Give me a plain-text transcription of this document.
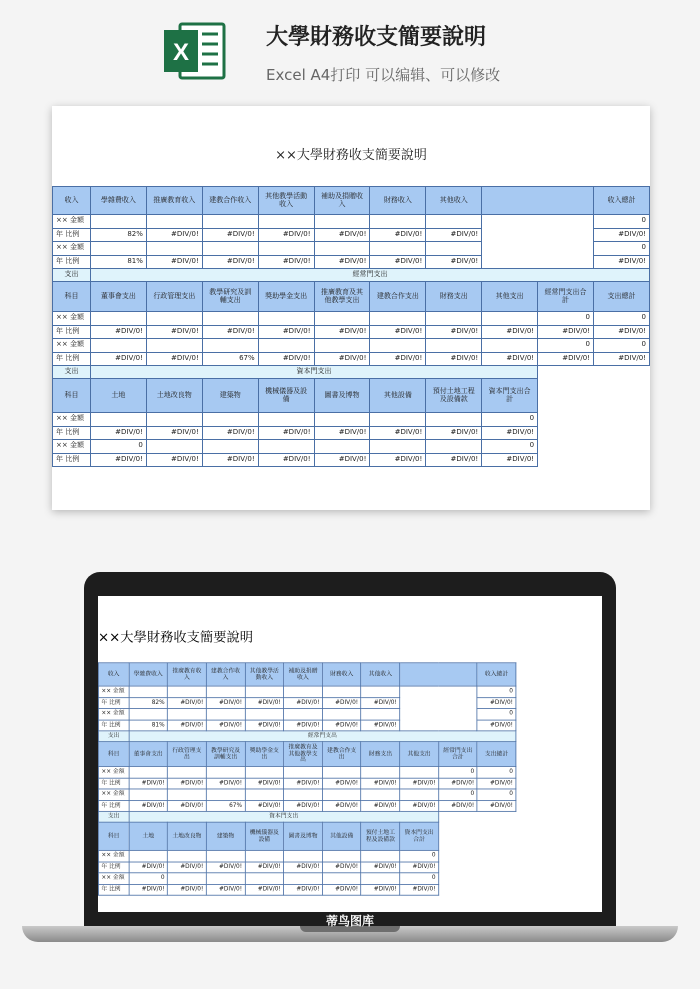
X
大學財務收支簡要說明
Excel A4打印 可以编辑、可以修改
××大學財務收支簡要說明
收入	學雜費收入	推廣教育收入	建教合作收入	其他教學活動收入	補助及捐贈收入	財務收入	其他收入			收入總計
×× 金額										0
年 比例	82%	#DIV/0!	#DIV/0!	#DIV/0!	#DIV/0!	#DIV/0!	#DIV/0!			#DIV/0!
×× 金額										0
年 比例	81%	#DIV/0!	#DIV/0!	#DIV/0!	#DIV/0!	#DIV/0!	#DIV/0!			#DIV/0!
支出	經常門支出									
科目	董事會支出	行政管理支出	教學研究及訓輔支出	獎助學金支出	推廣教育及其他教學支出	建教合作支出	財務支出	其他支出	經常門支出合計	支出總計
×× 金額									0	0
年 比例	#DIV/0!	#DIV/0!	#DIV/0!	#DIV/0!	#DIV/0!	#DIV/0!	#DIV/0!	#DIV/0!	#DIV/0!	#DIV/0!
×× 金額									0	0
年 比例	#DIV/0!	#DIV/0!	67%	#DIV/0!	#DIV/0!	#DIV/0!	#DIV/0!	#DIV/0!	#DIV/0!	#DIV/0!
支出	資本門支出									
科目	土地	土地改良物	建築物	機械儀器及設備	圖書及博物	其他設備	預付土地工程及設備款	資本門支出合計		
×× 金額								0		
年 比例	#DIV/0!	#DIV/0!	#DIV/0!	#DIV/0!	#DIV/0!	#DIV/0!	#DIV/0!	#DIV/0!		
×× 金額	0							0		
年 比例	#DIV/0!	#DIV/0!	#DIV/0!	#DIV/0!	#DIV/0!	#DIV/0!	#DIV/0!	#DIV/0!		
××大學財務收支簡要說明
收入	學雜費收入	推廣教育收入	建教合作收入	其他教學活動收入	補助及捐贈收入	財務收入	其他收入			收入總計
×× 金額										0
年 比例	82%	#DIV/0!	#DIV/0!	#DIV/0!	#DIV/0!	#DIV/0!	#DIV/0!			#DIV/0!
×× 金額										0
年 比例	81%	#DIV/0!	#DIV/0!	#DIV/0!	#DIV/0!	#DIV/0!	#DIV/0!			#DIV/0!
支出	經常門支出									
科目	董事會支出	行政管理支出	教學研究及訓輔支出	獎助學金支出	推廣教育及其他教學支出	建教合作支出	財務支出	其他支出	經常門支出合計	支出總計
×× 金額									0	0
年 比例	#DIV/0!	#DIV/0!	#DIV/0!	#DIV/0!	#DIV/0!	#DIV/0!	#DIV/0!	#DIV/0!	#DIV/0!	#DIV/0!
×× 金額									0	0
年 比例	#DIV/0!	#DIV/0!	67%	#DIV/0!	#DIV/0!	#DIV/0!	#DIV/0!	#DIV/0!	#DIV/0!	#DIV/0!
支出	資本門支出									
科目	土地	土地改良物	建築物	機械儀器及設備	圖書及博物	其他設備	預付土地工程及設備款	資本門支出合計		
×× 金額								0		
年 比例	#DIV/0!	#DIV/0!	#DIV/0!	#DIV/0!	#DIV/0!	#DIV/0!	#DIV/0!	#DIV/0!		
×× 金額	0							0		
年 比例	#DIV/0!	#DIV/0!	#DIV/0!	#DIV/0!	#DIV/0!	#DIV/0!	#DIV/0!	#DIV/0!		
蒂鸟图库
